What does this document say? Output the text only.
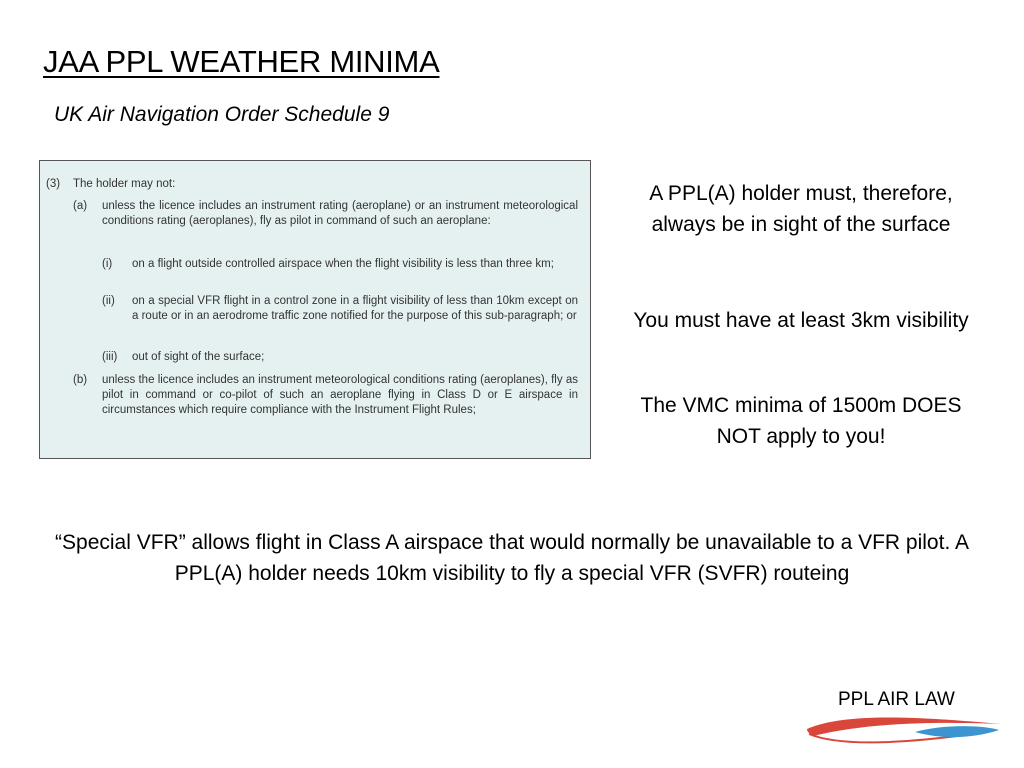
JAA PPL WEATHER MINIMA
UK Air Navigation Order Schedule 9
(3) The holder may not:
(a) unless the licence includes an instrument rating (aeroplane) or an instrument meteorological conditions rating (aeroplanes), fly as pilot in command of such an aeroplane:
(i) on a flight outside controlled airspace when the flight visibility is less than three km;
(ii) on a special VFR flight in a control zone in a flight visibility of less than 10km except on a route or in an aerodrome traffic zone notified for the purpose of this sub-paragraph; or
(iii) out of sight of the surface;
(b) unless the licence includes an instrument meteorological conditions rating (aeroplanes), fly as pilot in command or co-pilot of such an aeroplane flying in Class D or E airspace in circumstances which require compliance with the Instrument Flight Rules;
A PPL(A) holder must, therefore, always be in sight of the surface
You must have at least 3km visibility
The VMC minima of 1500m DOES NOT apply to you!
“Special VFR” allows flight in Class A airspace that would normally be unavailable to a VFR pilot. A PPL(A) holder needs 10km visibility to fly a special VFR (SVFR) routeing
PPL AIR LAW
